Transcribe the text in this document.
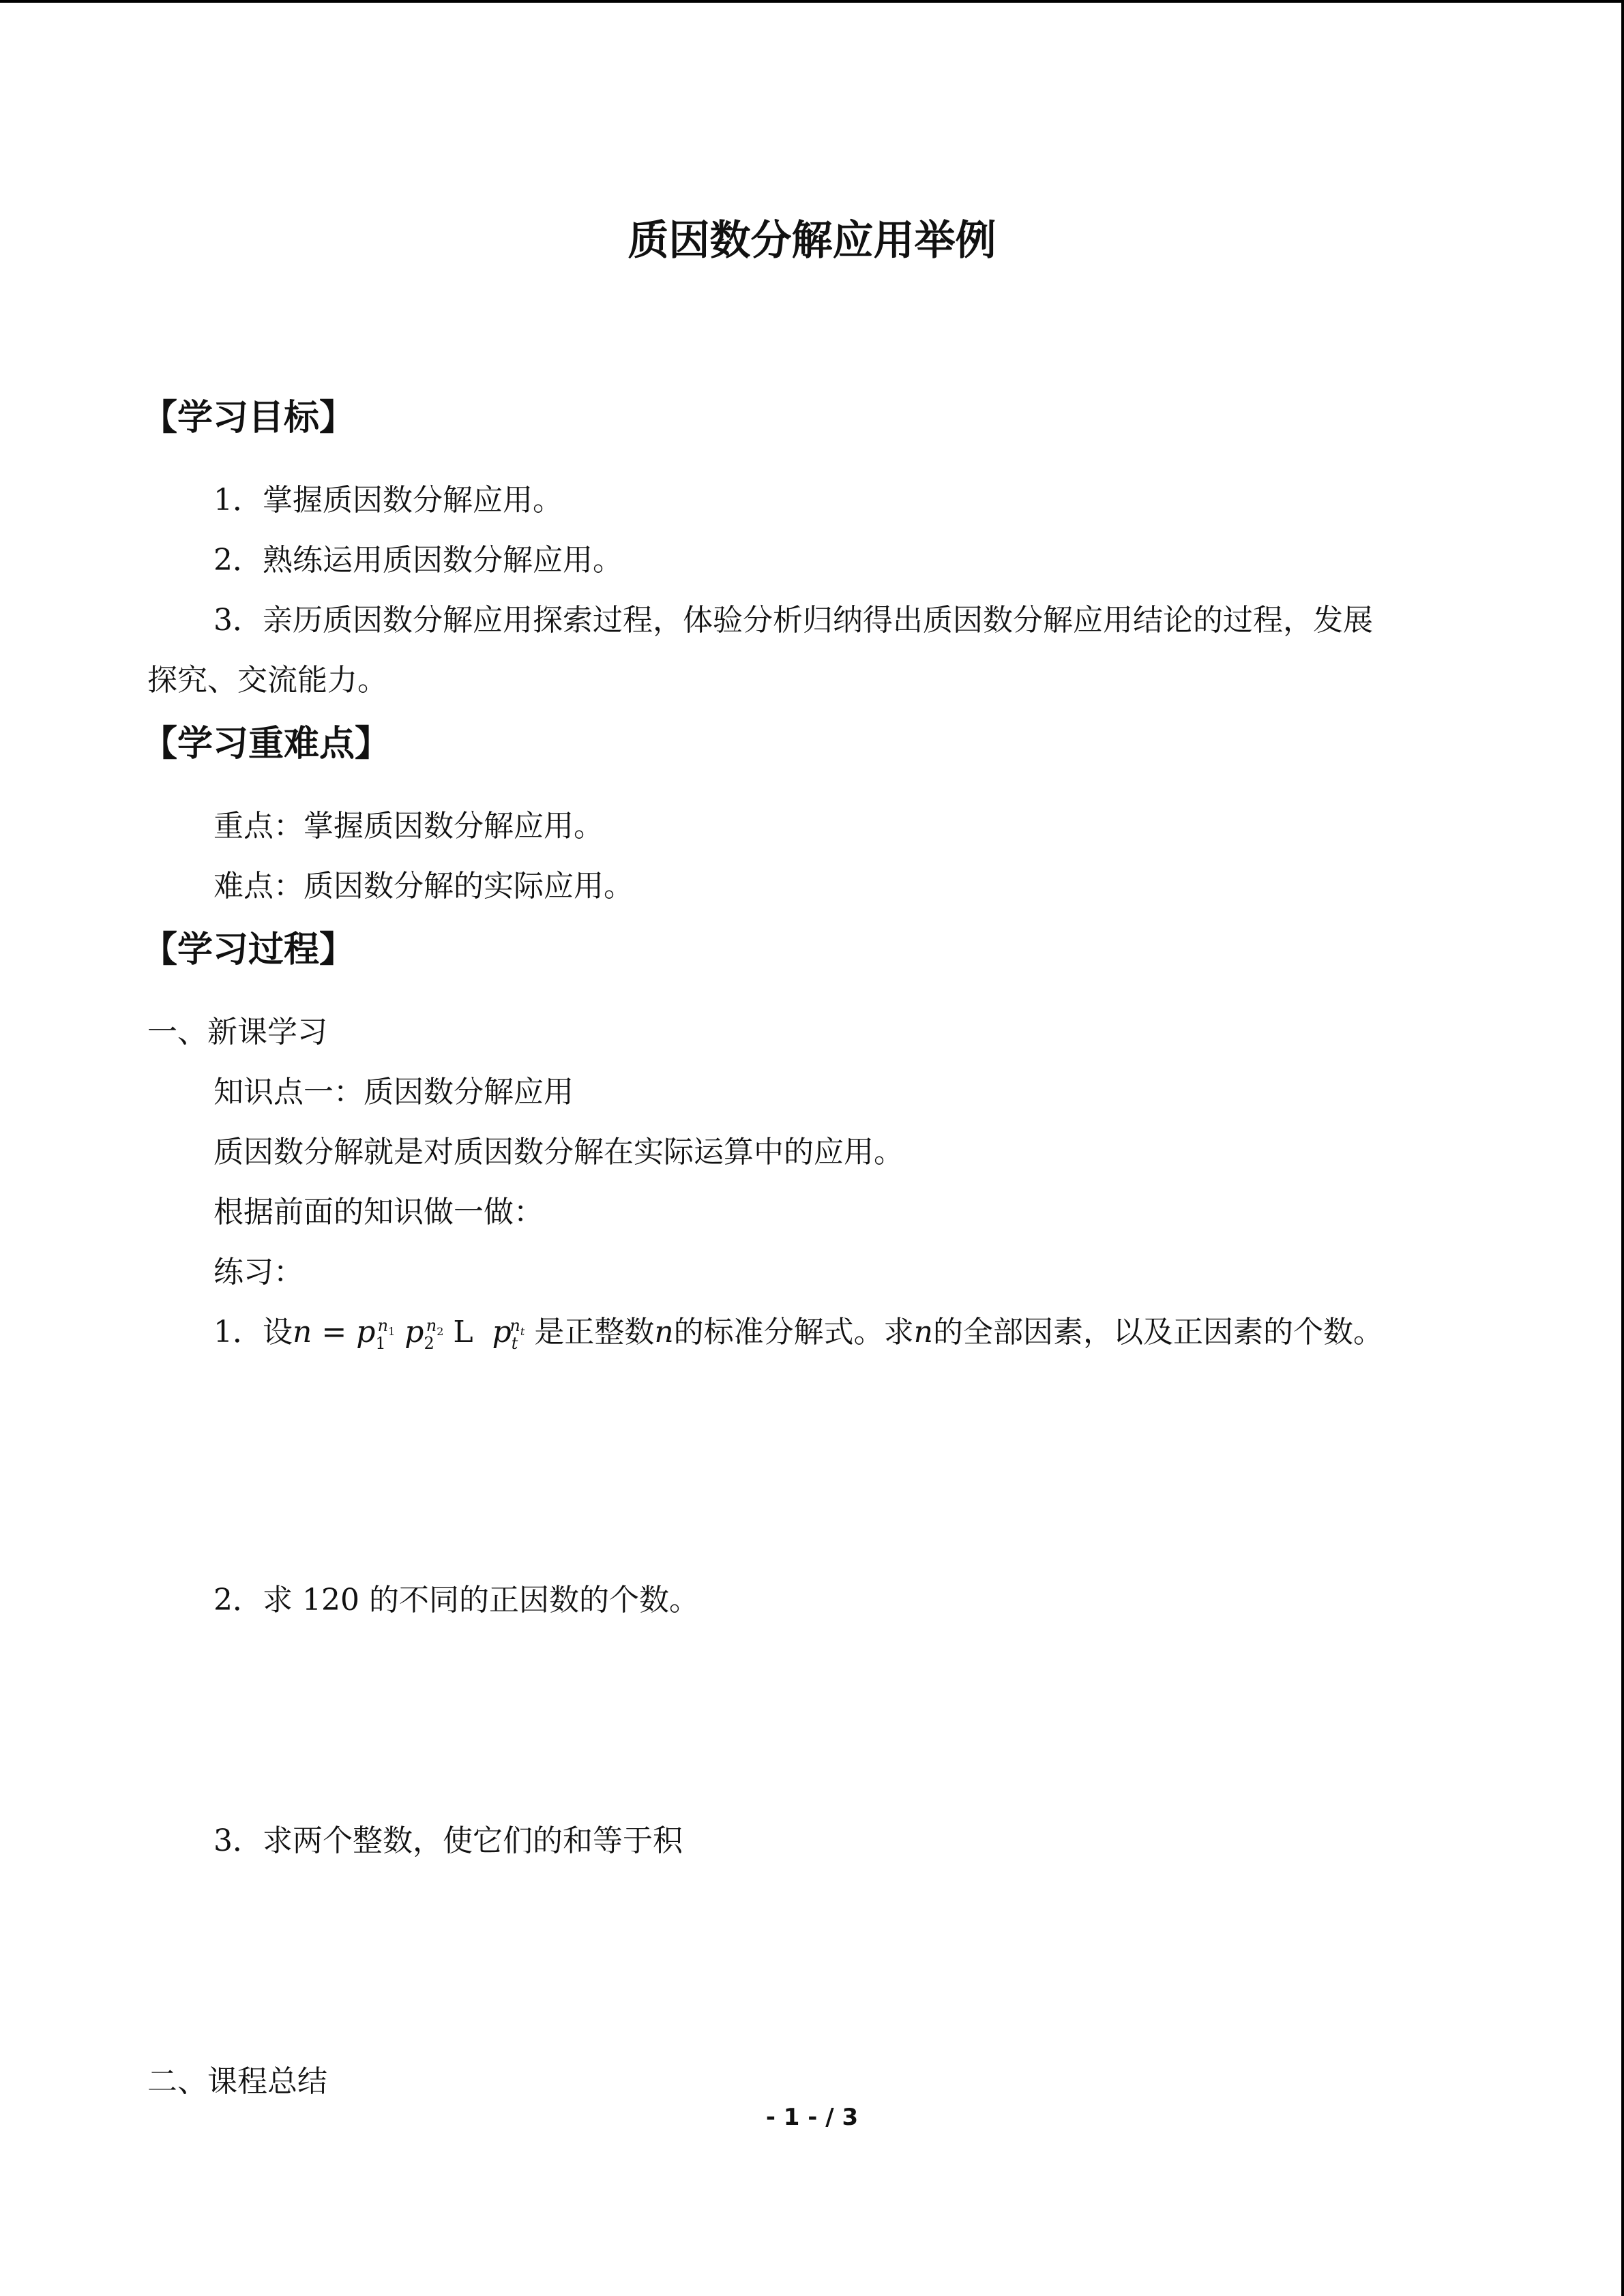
质因数分解应用举例
【学习目标】
1．掌握质因数分解应用。
2．熟练运用质因数分解应用。
3．亲历质因数分解应用探索过程，体验分析归纳得出质因数分解应用结论的过程，发展
探究、交流能力。
【学习重难点】
重点：掌握质因数分解应用。
难点：质因数分解的实际应用。
【学习过程】
一、新课学习
知识点一：质因数分解应用
质因数分解就是对质因数分解在实际运算中的应用。
根据前面的知识做一做：
练习：
1．设$n = p_1^{n_1}$ $p_2^{n_2}$ L  $p_t^{n_t}$ 是正整数n的标准分解式。求n的全部因素，以及正因素的个数。
2．求 120 的不同的正因数的个数。
3．求两个整数，使它们的和等于积
二、课程总结
- 1 - / 3
